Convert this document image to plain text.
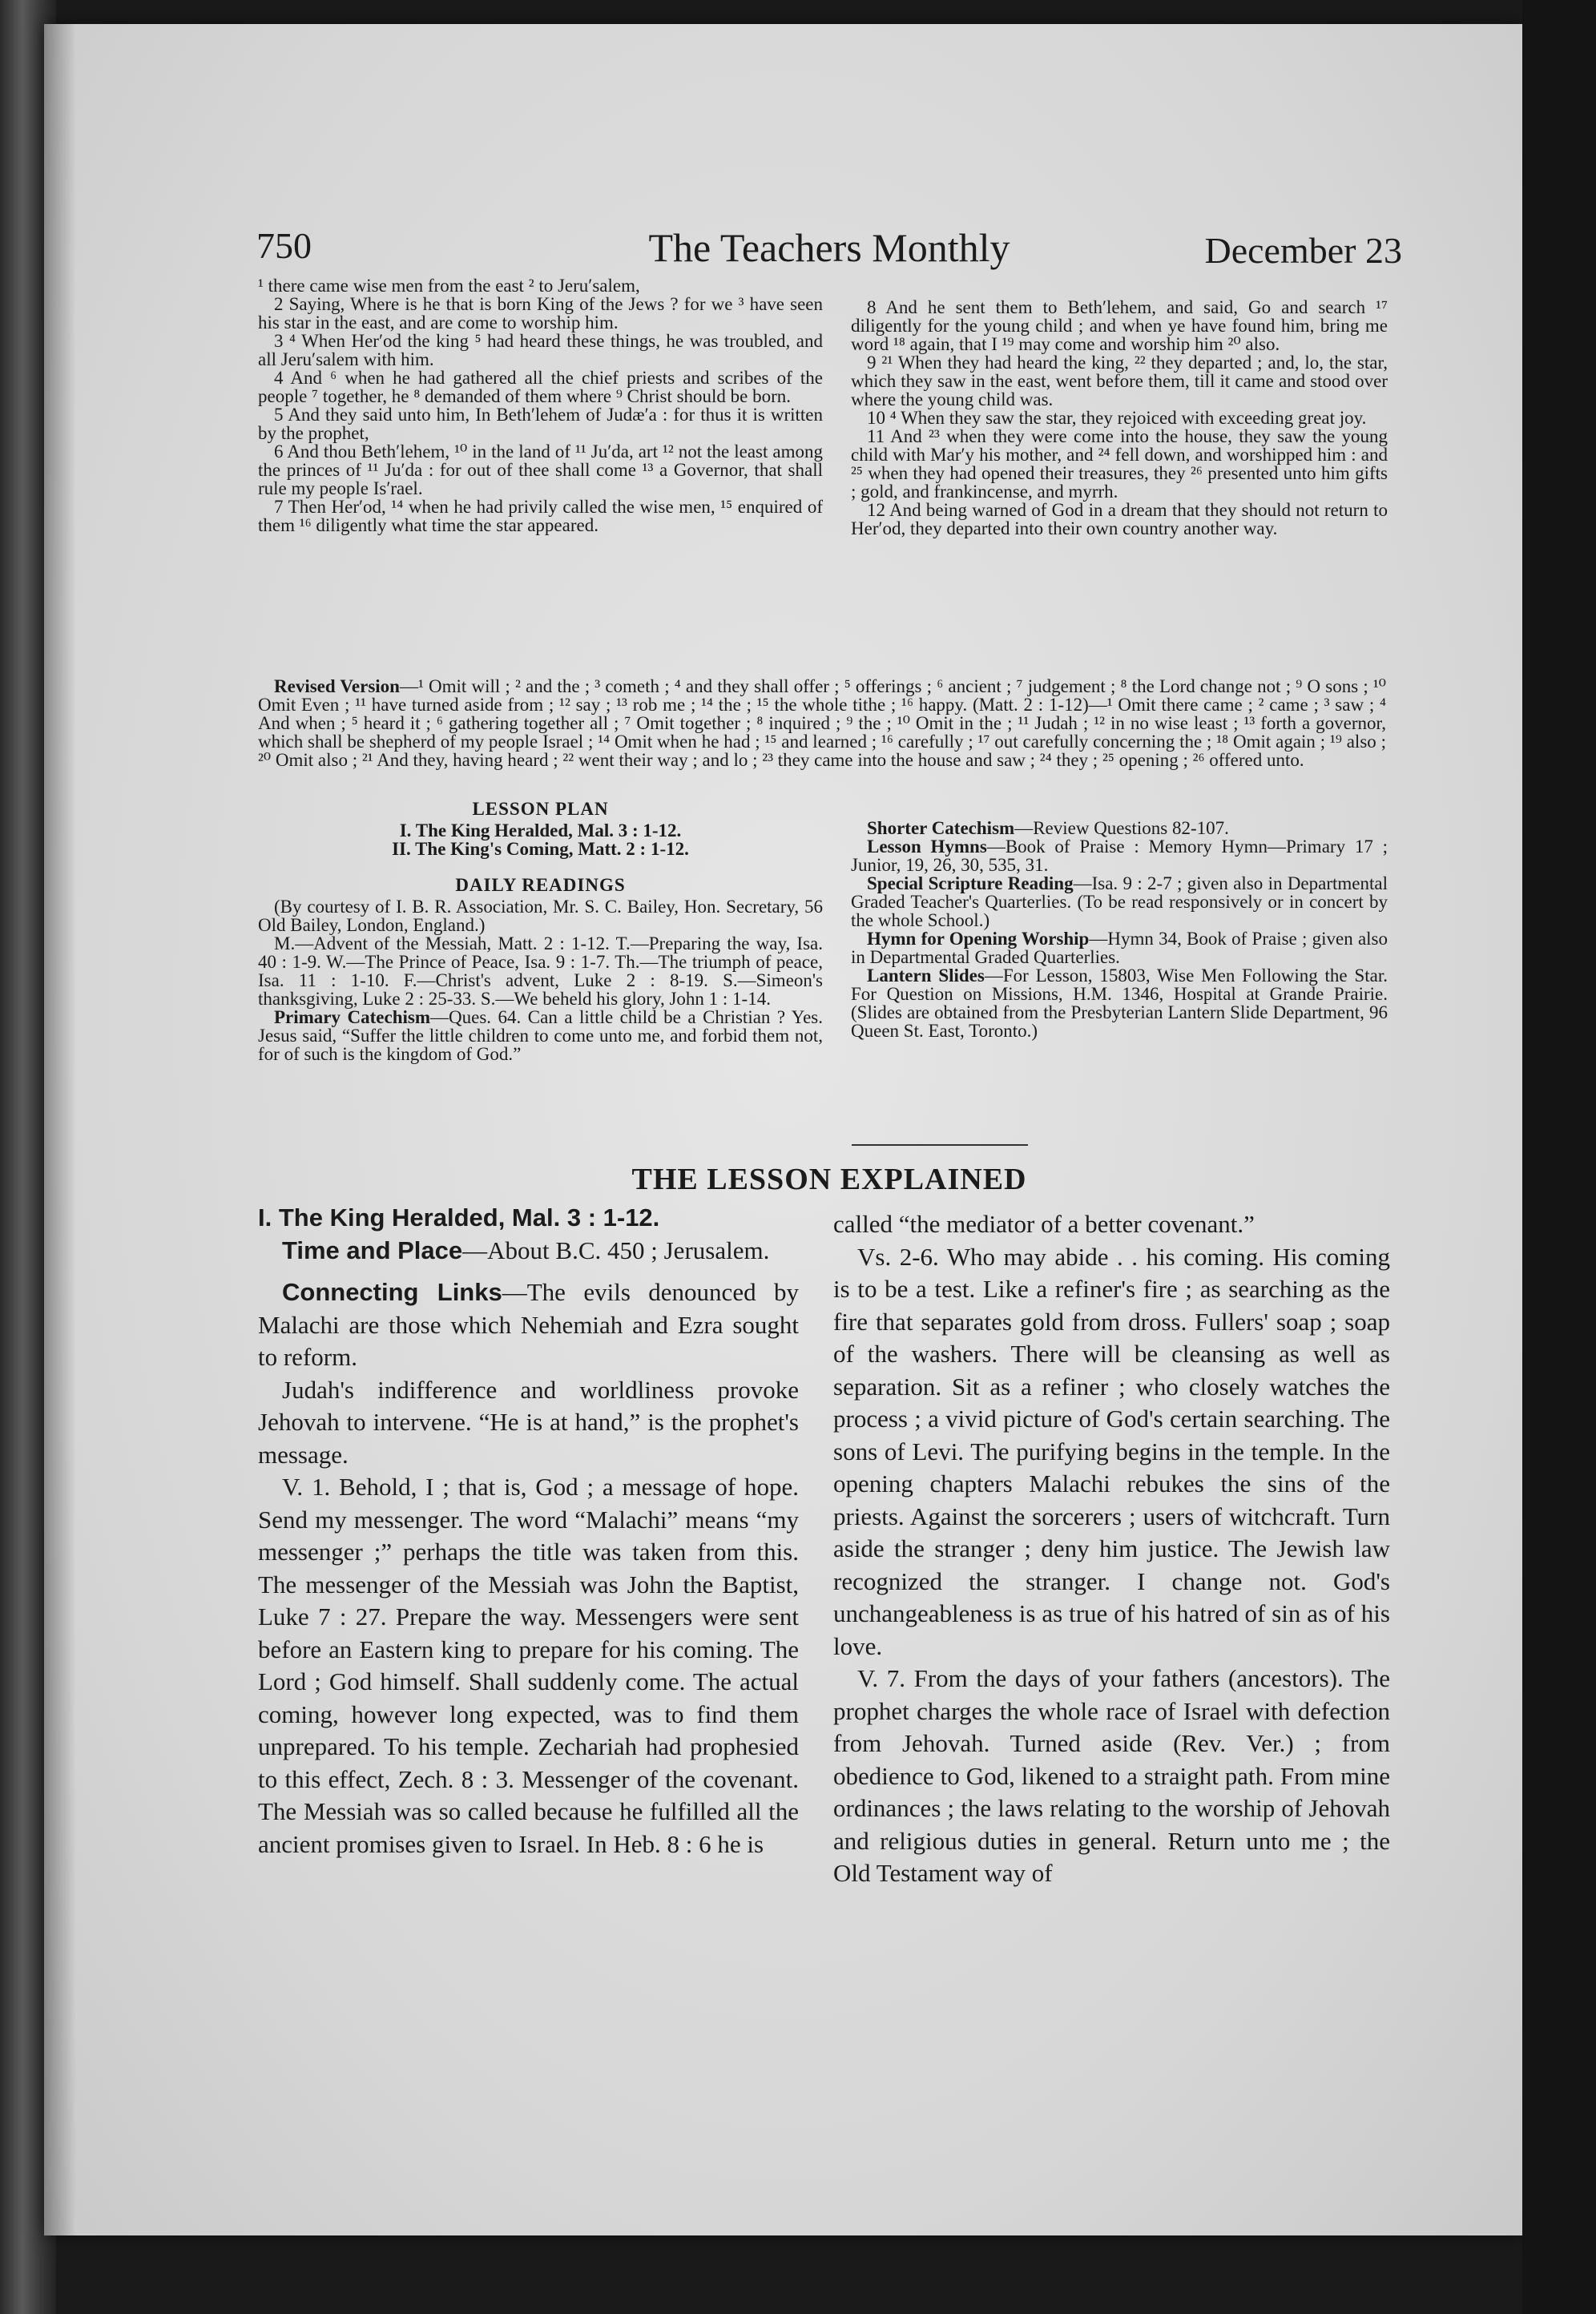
750	The Teachers Monthly	December 23

¹ there came wise men from the east ² to Jeru′salem,

2 Saying, Where is he that is born King of the Jews ? for we ³ have seen his star in the east, and are come to worship him.

3 ⁴ When Her′od the king ⁵ had heard these things, he was troubled, and all Jeru′salem with him.

4 And ⁶ when he had gathered all the chief priests and scribes of the people ⁷ together, he ⁸ demanded of them where ⁹ Christ should be born.

5 And they said unto him, In Beth′lehem of Judæ′a : for thus it is written by the prophet,

6 And thou Beth′lehem, ¹⁰ in the land of ¹¹ Ju′da, art ¹² not the least among the princes of ¹¹ Ju′da : for out of thee shall come ¹³ a Governor, that shall rule my people Is′rael.

7 Then Her′od, ¹⁴ when he had privily called the wise men, ¹⁵ enquired of them ¹⁶ diligently what time the star appeared.

8 And he sent them to Beth′lehem, and said, Go and search ¹⁷ diligently for the young child ; and when ye have found him, bring me word ¹⁸ again, that I ¹⁹ may come and worship him ²⁰ also.

9 ²¹ When they had heard the king, ²² they departed ; and, lo, the star, which they saw in the east, went before them, till it came and stood over where the young child was.

10 ⁴ When they saw the star, they rejoiced with exceeding great joy.

11 And ²³ when they were come into the house, they saw the young child with Mar′y his mother, and ²⁴ fell down, and worshipped him : and ²⁵ when they had opened their treasures, they ²⁶ presented unto him gifts ; gold, and frankincense, and myrrh.

12 And being warned of God in a dream that they should not return to Her′od, they departed into their own country another way.

Revised Version—¹ Omit will ; ² and the ; ³ cometh ; ⁴ and they shall offer ; ⁵ offerings ; ⁶ ancient ; ⁷ judgement ; ⁸ the Lord change not ; ⁹ O sons ; ¹⁰ Omit Even ; ¹¹ have turned aside from ; ¹² say ; ¹³ rob me ; ¹⁴ the ; ¹⁵ the whole tithe ; ¹⁶ happy. (Matt. 2 : 1-12)—¹ Omit there came ; ² came ; ³ saw ; ⁴ And when ; ⁵ heard it ; ⁶ gathering together all ; ⁷ Omit together ; ⁸ inquired ; ⁹ the ; ¹⁰ Omit in the ; ¹¹ Judah ; ¹² in no wise least ; ¹³ forth a governor, which shall be shepherd of my people Israel ; ¹⁴ Omit when he had ; ¹⁵ and learned ; ¹⁶ carefully ; ¹⁷ out carefully concerning the ; ¹⁸ Omit again ; ¹⁹ also ; ²⁰ Omit also ; ²¹ And they, having heard ; ²² went their way ; and lo ; ²³ they came into the house and saw ; ²⁴ they ; ²⁵ opening ; ²⁶ offered unto.

LESSON PLAN

I. The King Heralded, Mal. 3 : 1-12.

II. The King's Coming, Matt. 2 : 1-12.

DAILY READINGS

(By courtesy of I. B. R. Association, Mr. S. C. Bailey, Hon. Secretary, 56 Old Bailey, London, England.)

M.—Advent of the Messiah, Matt. 2 : 1-12. T.—Preparing the way, Isa. 40 : 1-9. W.—The Prince of Peace, Isa. 9 : 1-7. Th.—The triumph of peace, Isa. 11 : 1-10. F.—Christ's advent, Luke 2 : 8-19. S.—Simeon's thanksgiving, Luke 2 : 25-33. S.—We beheld his glory, John 1 : 1-14.

Primary Catechism—Ques. 64. Can a little child be a Christian ? Yes. Jesus said, “Suffer the little children to come unto me, and forbid them not, for of such is the kingdom of God.”

Shorter Catechism—Review Questions 82-107.

Lesson Hymns—Book of Praise : Memory Hymn—Primary 17 ; Junior, 19, 26, 30, 535, 31.

Special Scripture Reading—Isa. 9 : 2-7 ; given also in Departmental Graded Teacher's Quarterlies. (To be read responsively or in concert by the whole School.)

Hymn for Opening Worship—Hymn 34, Book of Praise ; given also in Departmental Graded Quarterlies.

Lantern Slides—For Lesson, 15803, Wise Men Following the Star. For Question on Missions, H.M. 1346, Hospital at Grande Prairie. (Slides are obtained from the Presbyterian Lantern Slide Department, 96 Queen St. East, Toronto.)

THE LESSON EXPLAINED

I. The King Heralded, Mal. 3 : 1-12.

Time and Place—About B.C. 450 ; Jerusalem.

Connecting Links—The evils denounced by Malachi are those which Nehemiah and Ezra sought to reform.

Judah's indifference and worldliness provoke Jehovah to intervene. “He is at hand,” is the prophet's message.

V. 1. Behold, I ; that is, God ; a message of hope. Send my messenger. The word “Malachi” means “my messenger ;” perhaps the title was taken from this. The messenger of the Messiah was John the Baptist, Luke 7 : 27. Prepare the way. Messengers were sent before an Eastern king to prepare for his coming. The Lord ; God himself. Shall suddenly come. The actual coming, however long expected, was to find them unprepared. To his temple. Zechariah had prophesied to this effect, Zech. 8 : 3. Messenger of the covenant. The Messiah was so called because he fulfilled all the ancient promises given to Israel. In Heb. 8 : 6 he is

called “the mediator of a better covenant.”

Vs. 2-6. Who may abide . . his coming. His coming is to be a test. Like a refiner's fire ; as searching as the fire that separates gold from dross. Fullers' soap ; soap of the washers. There will be cleansing as well as separation. Sit as a refiner ; who closely watches the process ; a vivid picture of God's certain searching. The sons of Levi. The purifying begins in the temple. In the opening chapters Malachi rebukes the sins of the priests. Against the sorcerers ; users of witchcraft. Turn aside the stranger ; deny him justice. The Jewish law recognized the stranger. I change not. God's unchangeableness is as true of his hatred of sin as of his love.

V. 7. From the days of your fathers (ancestors). The prophet charges the whole race of Israel with defection from Jehovah. Turned aside (Rev. Ver.) ; from obedience to God, likened to a straight path. From mine ordinances ; the laws relating to the worship of Jehovah and religious duties in general. Return unto me ; the Old Testament way of
